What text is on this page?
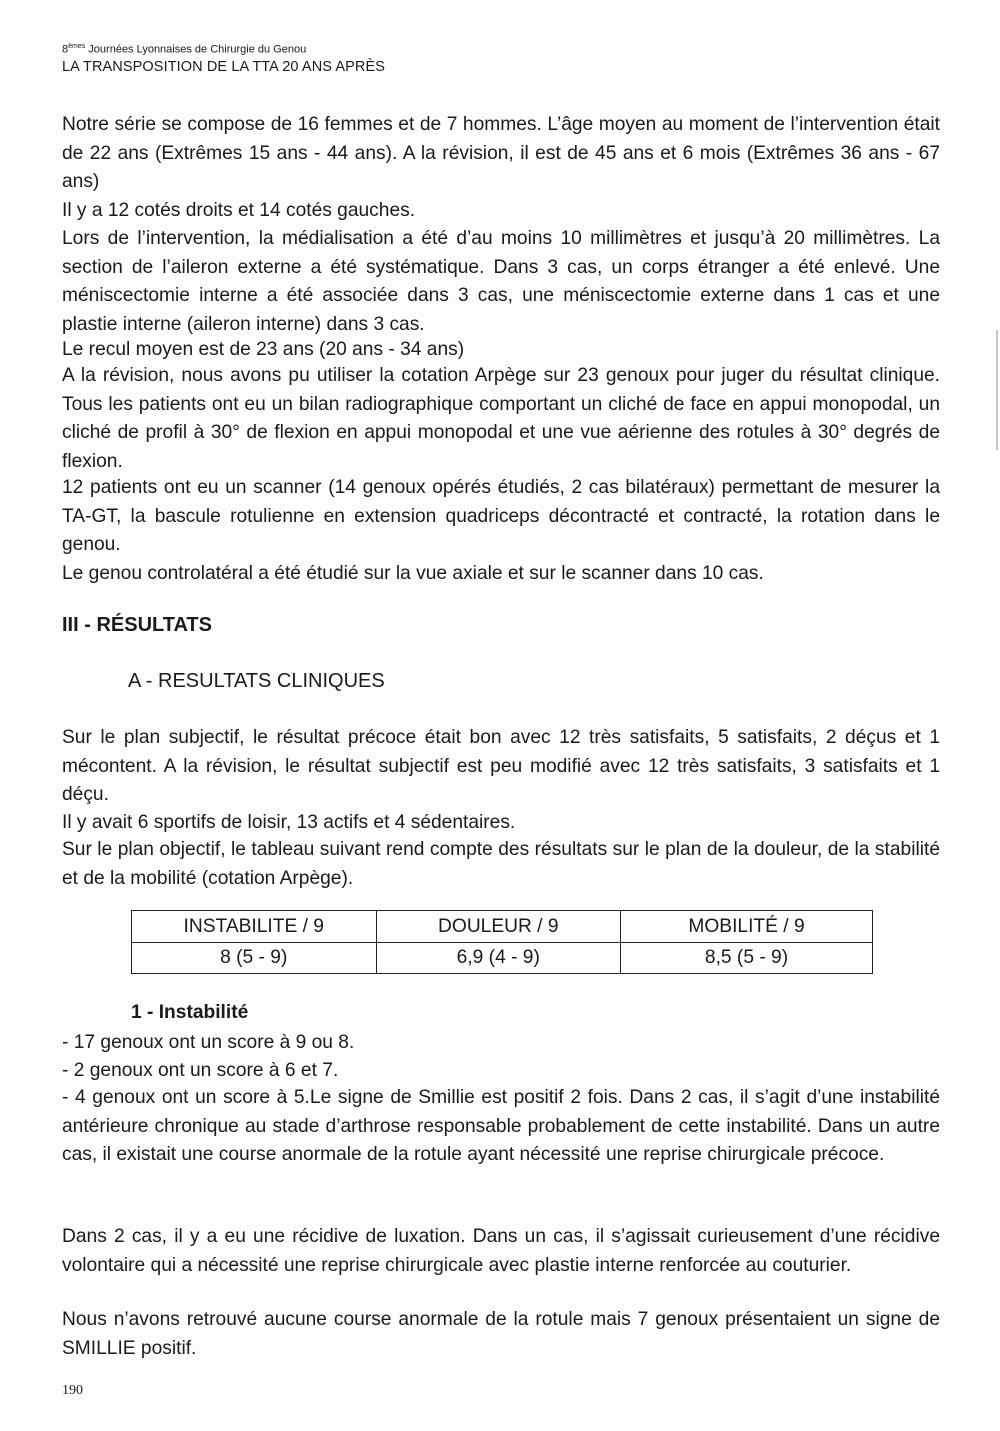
8èmes Journées Lyonnaises de Chirurgie du Genou
LA TRANSPOSITION DE LA TTA 20 ANS APRÈS

Notre série se compose de 16 femmes et de 7 hommes. L’âge moyen au moment de l’intervention était de 22 ans (Extrêmes 15 ans - 44 ans). A la révision, il est de 45 ans et 6 mois (Extrêmes 36 ans - 67 ans)

Il y a 12 cotés droits et 14 cotés gauches.

Lors de l’intervention, la médialisation a été d’au moins 10 millimètres et jusqu’à 20 millimètres. La section de l’aileron externe a été systématique. Dans 3 cas, un corps étranger a été enlevé. Une méniscectomie interne a été associée dans 3 cas, une méniscectomie externe dans 1 cas et une plastie interne (aileron interne) dans 3 cas.

Le recul moyen est de 23 ans (20 ans - 34 ans)

A la révision, nous avons pu utiliser la cotation Arpège sur 23 genoux pour juger du résultat clinique. Tous les patients ont eu un bilan radiographique comportant un cliché de face en appui monopodal, un cliché de profil à 30° de flexion en appui monopodal et une vue aérienne des rotules à 30° degrés de flexion.

12 patients ont eu un scanner (14 genoux opérés étudiés, 2 cas bilatéraux) permettant de mesurer la TA-GT, la bascule rotulienne en extension quadriceps décontracté et contracté, la rotation dans le genou.

Le genou controlatéral a été étudié sur la vue axiale et sur le scanner dans 10 cas.

III - RÉSULTATS
A - RESULTATS CLINIQUES

Sur le plan subjectif, le résultat précoce était bon avec 12 très satisfaits, 5 satisfaits, 2 déçus et 1 mécontent. A la révision, le résultat subjectif est peu modifié avec 12 très satisfaits, 3 satisfaits et 1 déçu.

Il y avait 6 sportifs de loisir, 13 actifs et 4 sédentaires.

Sur le plan objectif, le tableau suivant rend compte des résultats sur le plan de la douleur, de la stabilité et de la mobilité (cotation Arpège).

INSTABILITE / 9	DOULEUR / 9	MOBILITÉ / 9
8 (5 - 9)	6,9 (4 - 9)	8,5 (5 - 9)
1 - Instabilité

- 17 genoux ont un score à 9 ou 8.

- 2 genoux ont un score à 6 et 7.

- 4 genoux ont un score à 5.Le signe de Smillie est positif 2 fois. Dans 2 cas, il s’agit d’une instabilité antérieure chronique au stade d’arthrose responsable probablement de cette instabilité. Dans un autre cas, il existait une course anormale de la rotule ayant nécessité une reprise chirurgicale précoce.

Dans 2 cas, il y a eu une récidive de luxation. Dans un cas, il s’agissait curieusement d’une récidive volontaire qui a nécessité une reprise chirurgicale avec plastie interne renforcée au couturier.

Nous n’avons retrouvé aucune course anormale de la rotule mais 7 genoux présentaient un signe de SMILLIE positif.

190
